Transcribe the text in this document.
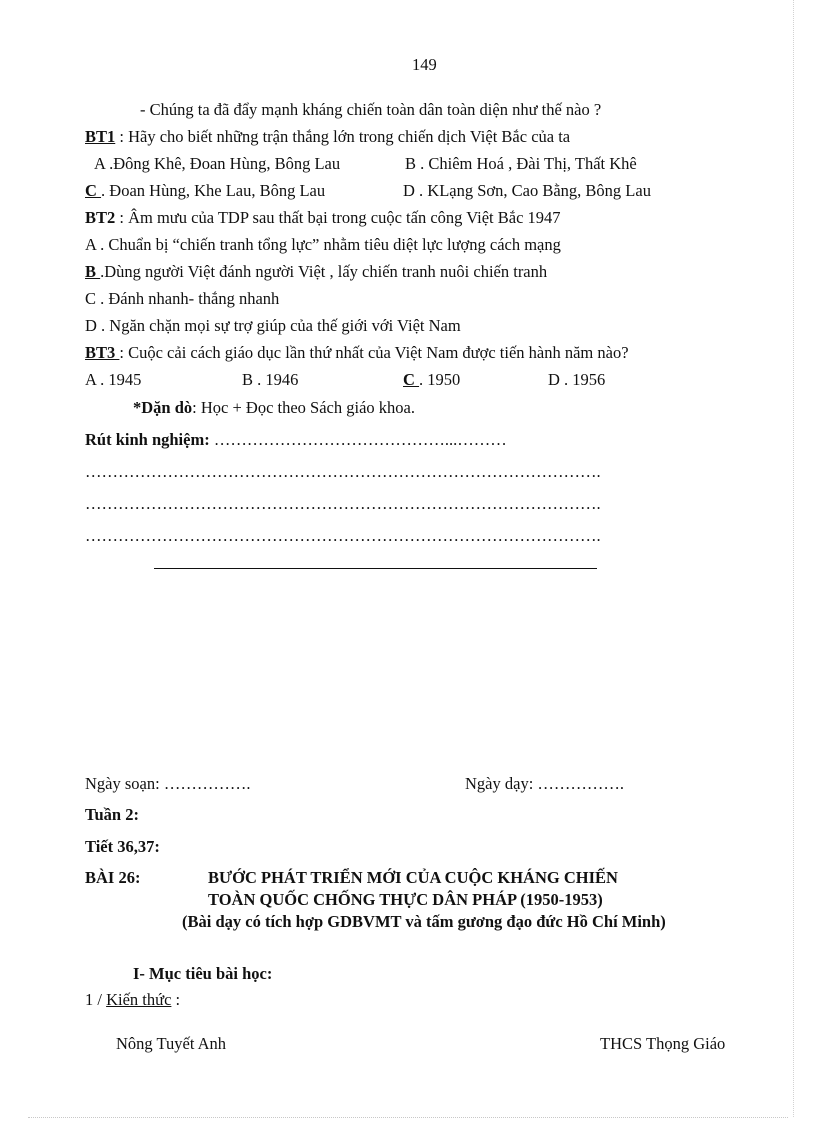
149
- Chúng ta đã đẩy mạnh kháng chiến toàn dân toàn diện như thế nào ?
BT1 : Hãy cho biết những trận thắng lớn trong chiến dịch Việt Bắc của ta
A .Đông Khê, Đoan Hùng, Bông Lau	B . Chiêm Hoá , Đài Thị, Thất Khê
C . Đoan Hùng, Khe Lau, Bông Lau	D . KLạng Sơn, Cao Bằng, Bông Lau
BT2 : Âm mưu của TDP sau thất bại trong cuộc tấn công Việt Bắc 1947
A . Chuẩn bị “chiến tranh tổng lực” nhằm tiêu diệt lực lượng cách mạng
B .Dùng người Việt đánh người Việt , lấy chiến tranh nuôi chiến tranh
C . Đánh nhanh- thắng nhanh
D . Ngăn chặn mọi sự trợ giúp của thế giới với Việt Nam
BT3 : Cuộc cải cách giáo dục lần thứ nhất của Việt Nam được tiến hành năm nào?
A . 1945	B . 1946	C . 1950	D . 1956
*Dặn dò: Học + Đọc theo Sách giáo khoa.
Rút kinh nghiệm: ……………………………………...………
………………………………………………………………………………….
………………………………………………………………………………….
………………………………………………………………………………….
Ngày soạn: …………….	Ngày dạy: …………….
Tuần 2:
Tiết 36,37:
BÀI 26:	BƯỚC PHÁT TRIỂN MỚI CỦA CUỘC KHÁNG CHIẾN
TOÀN QUỐC CHỐNG THỰC DÂN PHÁP (1950-1953)
(Bài dạy có tích hợp GDBVMT và tấm gương đạo đức Hồ Chí Minh)
I- Mục tiêu bài học:
1 / Kiến thức :
Nông Tuyết Anh	THCS Thọng Giáo
